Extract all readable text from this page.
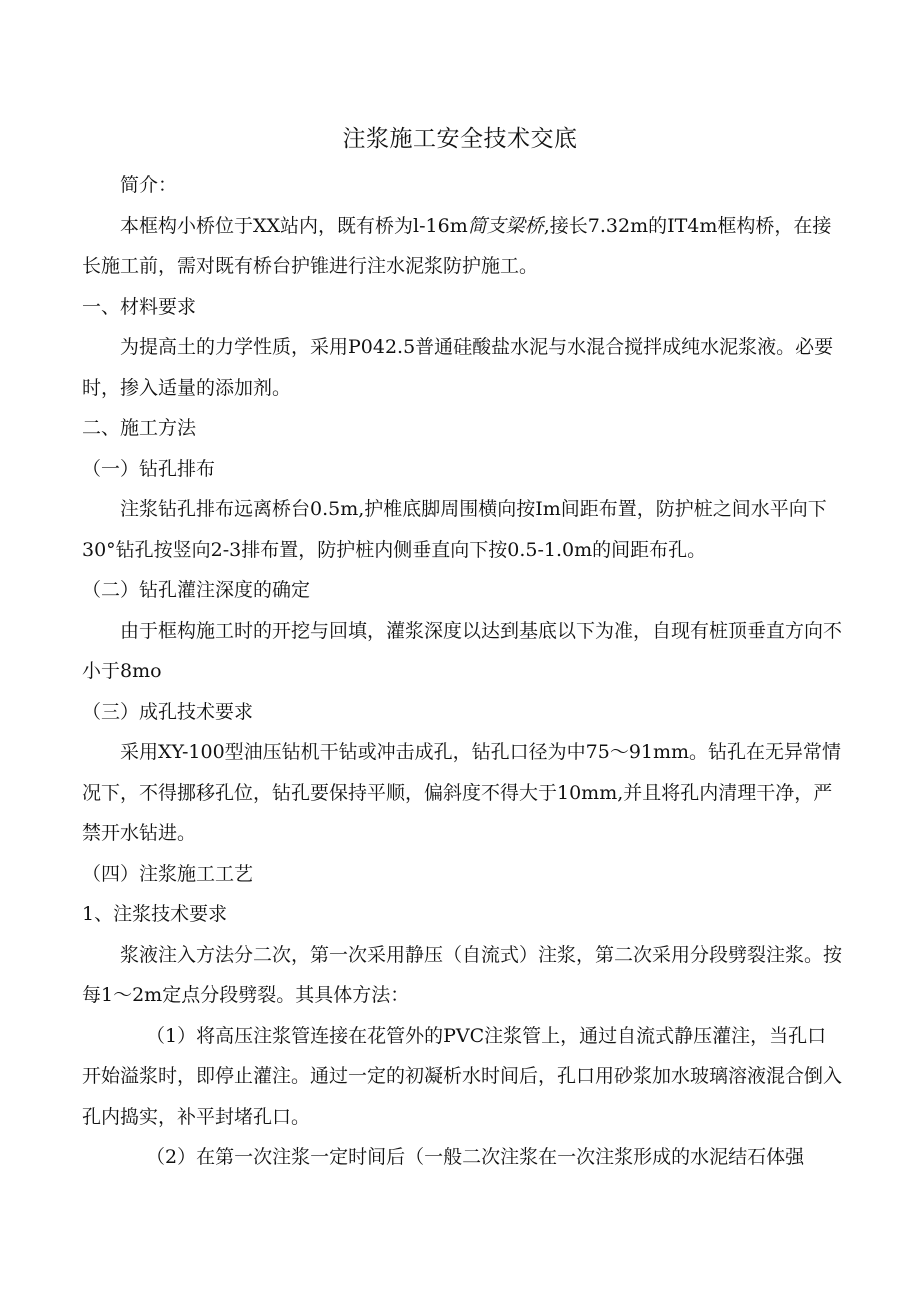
注浆施工安全技术交底

简介：

本框构小桥位于XX站内，既有桥为l-16m简支梁桥,接长7.32m的IT4m框构桥，在接长施工前，需对既有桥台护锥进行注水泥浆防护施工。

一、材料要求

为提高土的力学性质，采用P042.5普通硅酸盐水泥与水混合搅拌成纯水泥浆液。必要时，掺入适量的添加剂。

二、施工方法

（一）钻孔排布

注浆钻孔排布远离桥台0.5m,护椎底脚周围横向按Im间距布置，防护桩之间水平向下30°钻孔按竖向2-3排布置，防护桩内侧垂直向下按0.5-1.0m的间距布孔。

（二）钻孔灌注深度的确定

由于框构施工时的开挖与回填，灌浆深度以达到基底以下为准，自现有桩顶垂直方向不小于8mo

（三）成孔技术要求

采用XY-100型油压钻机干钻或冲击成孔，钻孔口径为中75～91mm。钻孔在无异常情况下，不得挪移孔位，钻孔要保持平顺，偏斜度不得大于10mm,并且将孔内清理干净，严禁开水钻进。

（四）注浆施工工艺

1、注浆技术要求

浆液注入方法分二次，第一次采用静压（自流式）注浆，第二次采用分段劈裂注浆。按每1～2m定点分段劈裂。其具体方法：

（1）将高压注浆管连接在花管外的PVC注浆管上，通过自流式静压灌注，当孔口开始溢浆时，即停止灌注。通过一定的初凝析水时间后，孔口用砂浆加水玻璃溶液混合倒入孔内捣实，补平封堵孔口。

（2）在第一次注浆一定时间后（一般二次注浆在一次注浆形成的水泥结石体强
